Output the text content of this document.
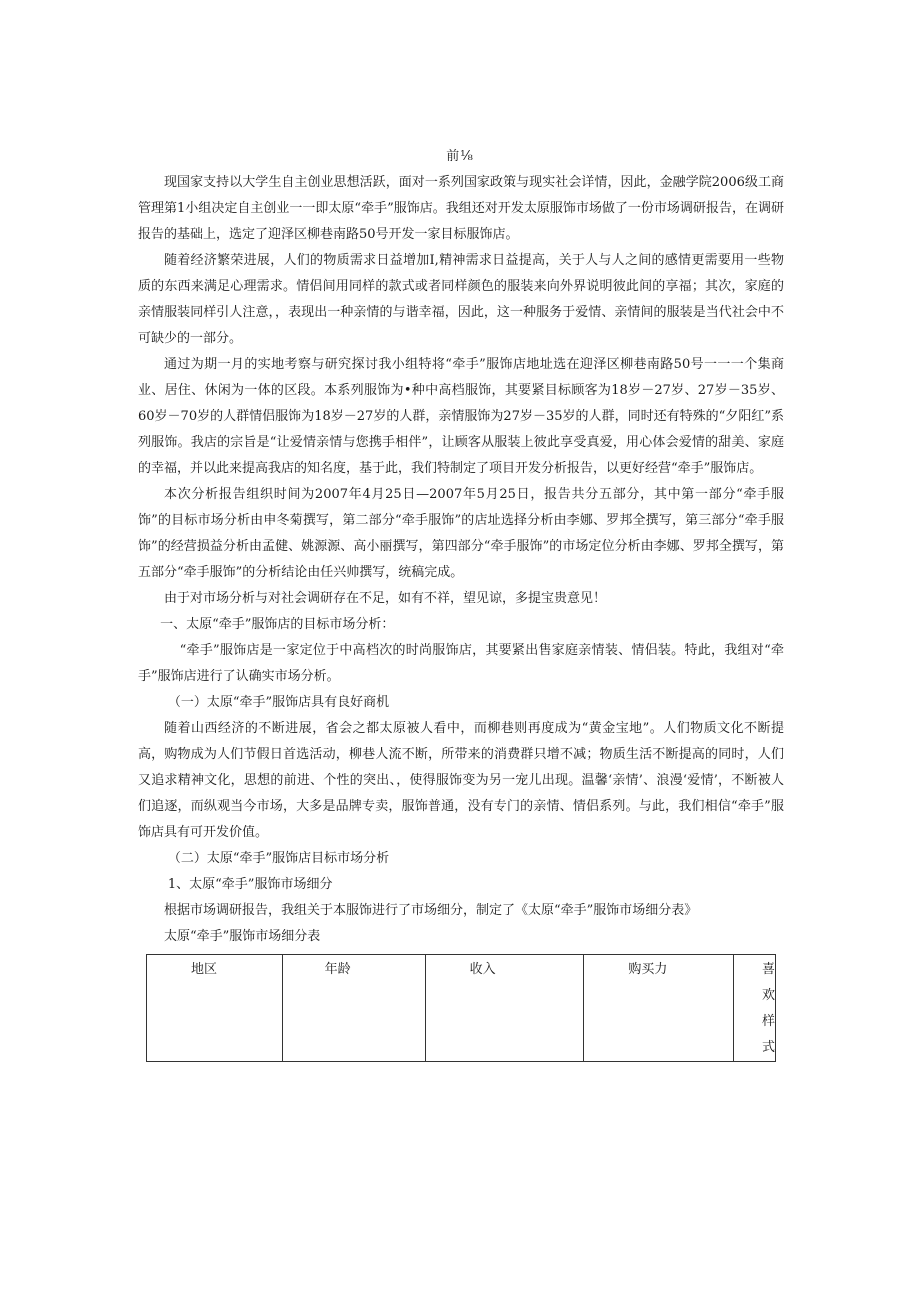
前⅛

现国家支持以大学生自主创业思想活跃，面对一系列国家政策与现实社会详情，因此，金融学院2006级工商管理第1小组决定自主创业一一即太原“牵手”服饰店。我组还对开发太原服饰市场做了一份市场调研报告，在调研报告的基础上，选定了迎泽区柳巷南路50号开发一家目标服饰店。

随着经济繁荣进展，人们的物质需求日益增加I,精神需求日益提高，关于人与人之间的感情更需要用一些物质的东西来满足心理需求。情侣间用同样的款式或者同样颜色的服装来向外界说明彼此间的享福；其次，家庭的亲情服装同样引人注意，，表现出一种亲情的与谐幸福，因此，这一种服务于爱情、亲情间的服装是当代社会中不可缺少的一部分。

通过为期一月的实地考察与研究探讨我小组特将“牵手”服饰店地址选在迎泽区柳巷南路50号一一一个集商业、居住、休闲为一体的区段。本系列服饰为•种中高档服饰，其要紧目标顾客为18岁－27岁、27岁－35岁、60岁－70岁的人群情侣服饰为18岁－27岁的人群，亲情服饰为27岁－35岁的人群，同时还有特殊的“夕阳红”系列服饰。我店的宗旨是“让爱情亲情与您携手相伴”，让顾客从服装上彼此享受真爱，用心体会爱情的甜美、家庭的幸福，并以此来提高我店的知名度，基于此，我们特制定了项目开发分析报告，以更好经营“牵手”服饰店。

本次分析报告组织时间为2007年4月25日—2007年5月25日，报告共分五部分，其中第一部分“牵手服饰”的目标市场分析由申冬菊撰写，第二部分“牵手服饰”的店址选择分析由李娜、罗邦全撰写，第三部分“牵手服饰”的经营损益分析由孟健、姚源源、高小丽撰写，第四部分“牵手服饰”的市场定位分析由李娜、罗邦全撰写，第五部分“牵手服饰”的分析结论由任兴帅撰写，统稿完成。

由于对市场分析与对社会调研存在不足，如有不祥，望见谅，多提宝贵意见！

一、太原“牵手”服饰店的目标市场分析：

“牵手”服饰店是一家定位于中高档次的时尚服饰店，其要紧出售家庭亲情装、情侣装。特此，我组对“牵手”服饰店进行了认确实市场分析。

（一）太原“牵手”服饰店具有良好商机

随着山西经济的不断进展，省会之都太原被人看中，而柳巷则再度成为“黄金宝地”。人们物质文化不断提高，购物成为人们节假日首选活动，柳巷人流不断，所带来的消费群只增不减；物质生活不断提高的同时，人们又追求精神文化，思想的前进、个性的突出、，使得服饰变为另一宠儿出现。温馨‘亲情’、浪漫‘爱情’，不断被人们追逐，而纵观当今市场，大多是品牌专卖，服饰普通，没有专门的亲情、情侣系列。与此，我们相信“牵手”服饰店具有可开发价值。

（二）太原“牵手”服饰店目标市场分析

1、太原“牵手”服饰市场细分

根据市场调研报告，我组关于本服饰进行了市场细分，制定了《太原“牵手”服饰市场细分表》

太原“牵手”服饰市场细分表

地区	年龄	收入	购买力	喜欢样式
